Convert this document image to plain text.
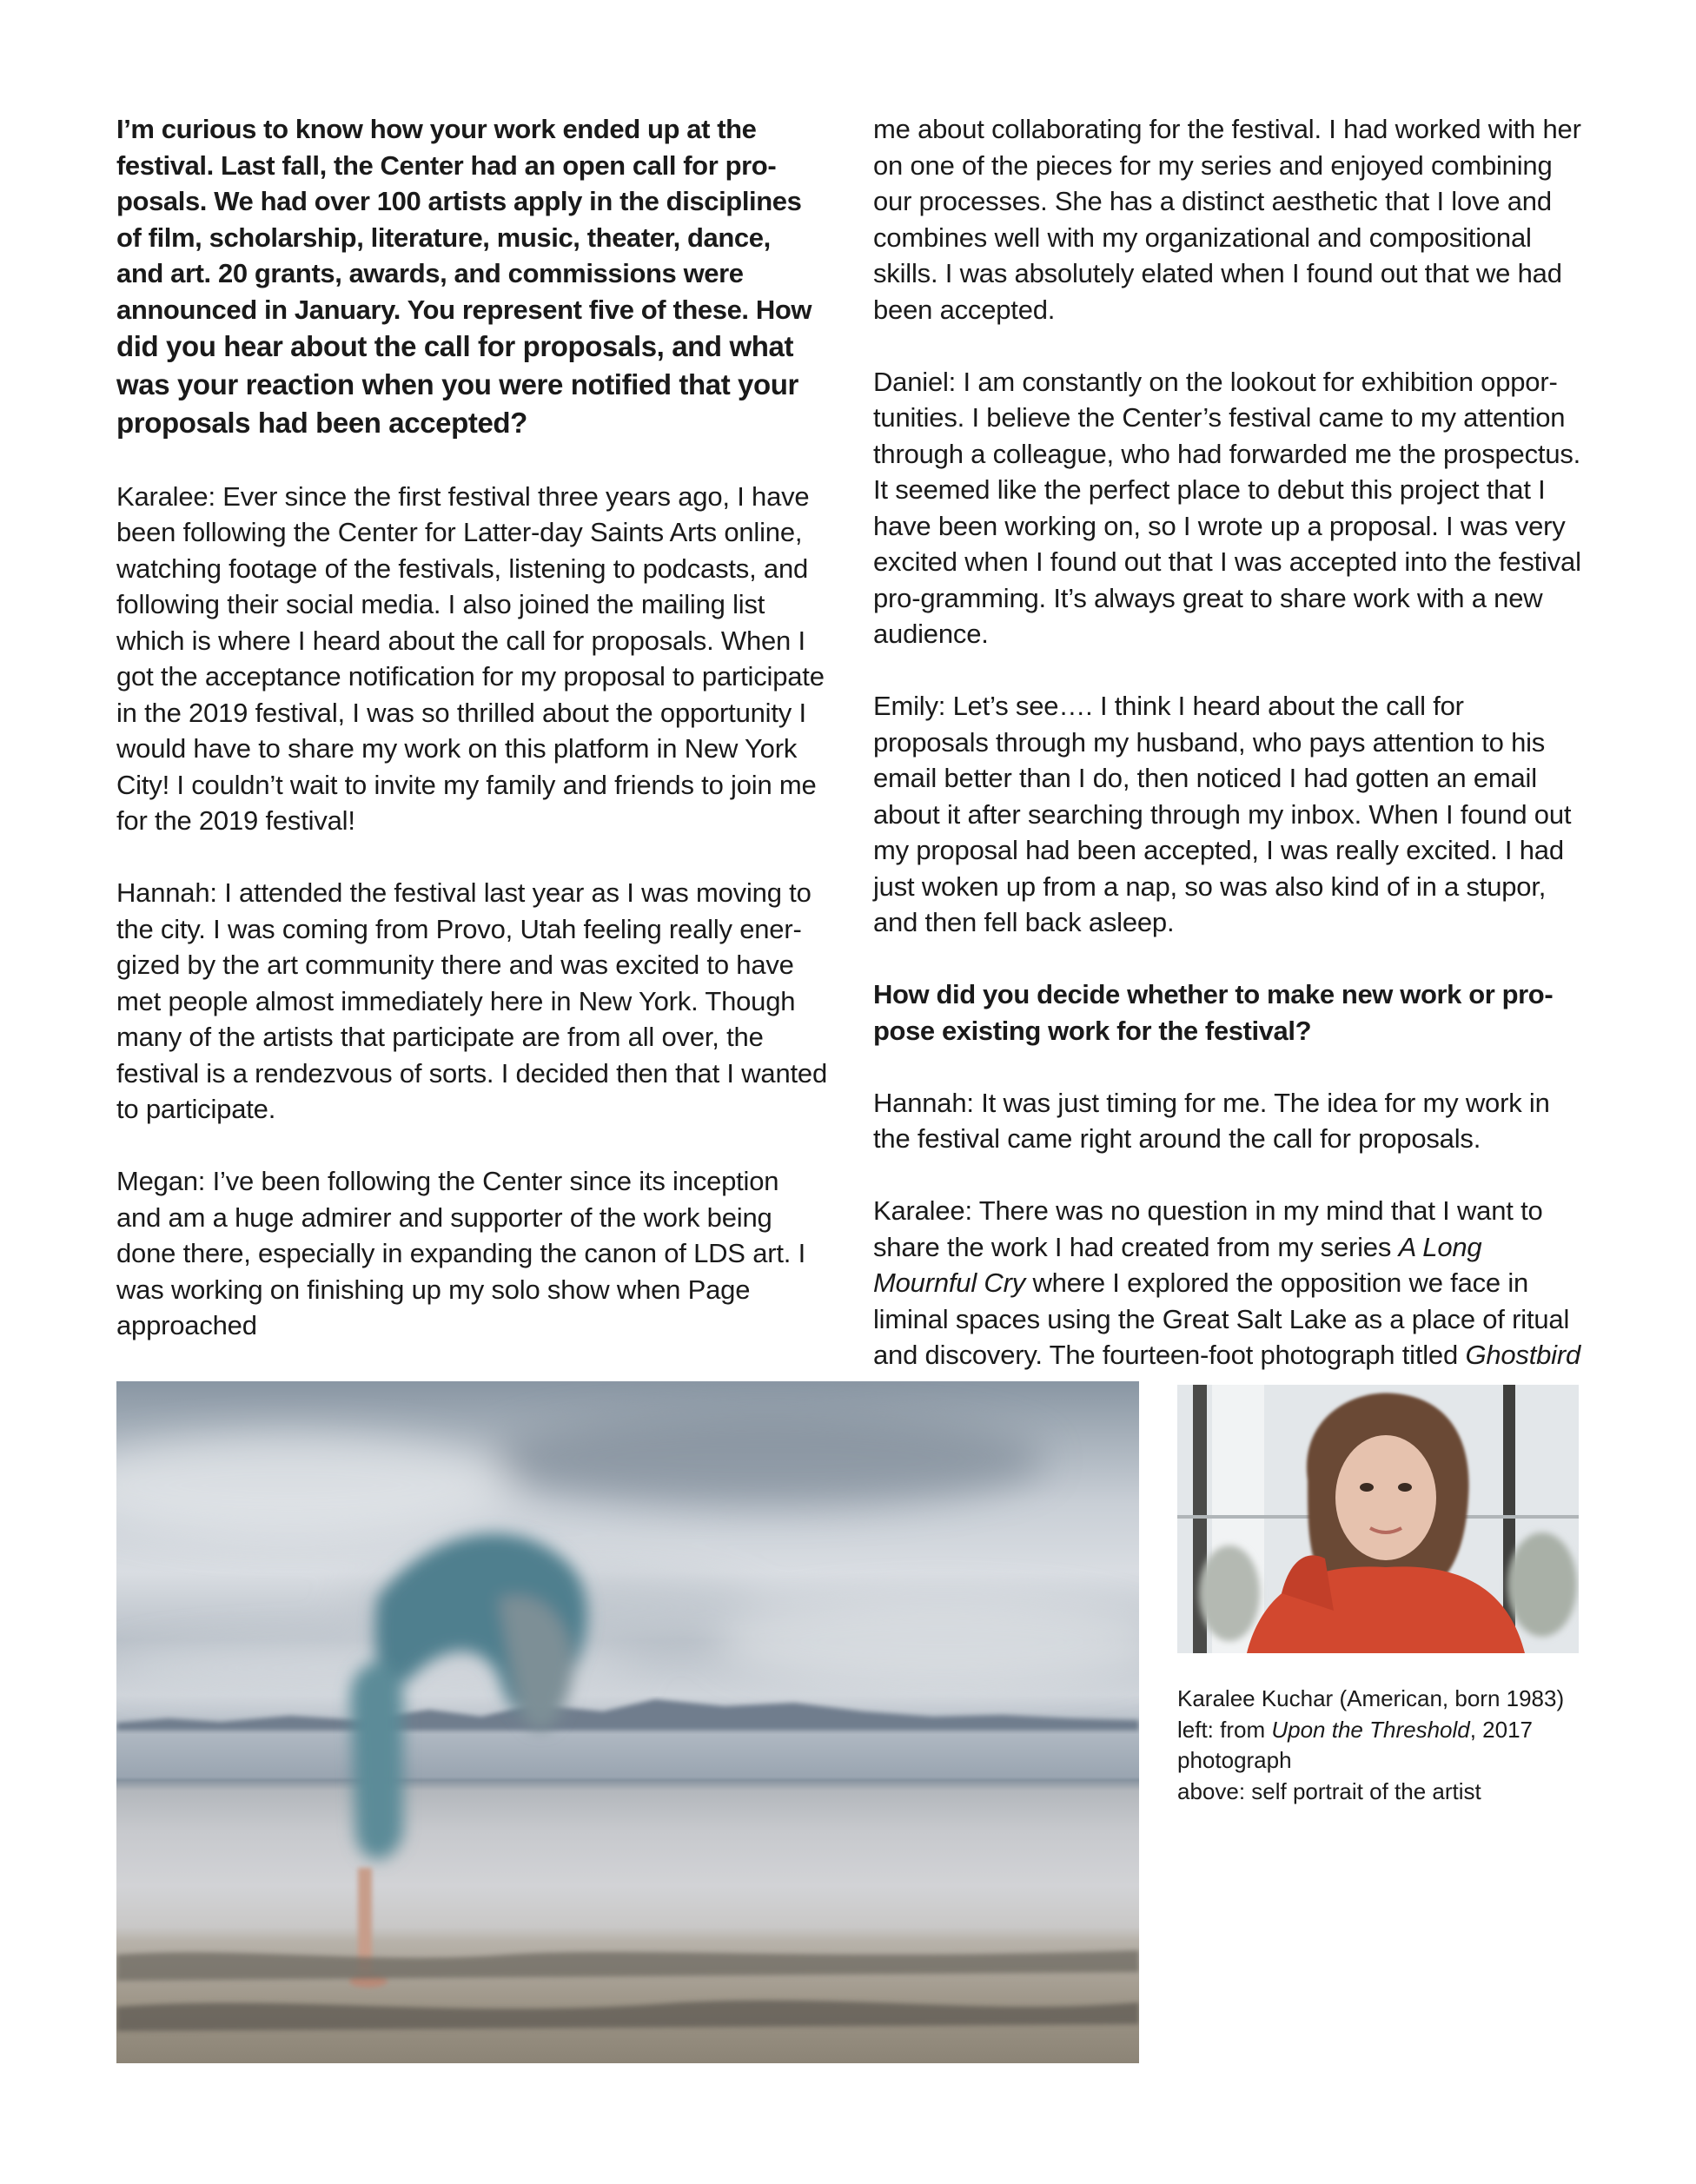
I’m curious to know how your work ended up at the
festival. Last fall, the Center had an open call for pro-
posals. We had over 100 artists apply in the disciplines
of film, scholarship, literature, music, theater, dance,
and art. 20 grants, awards, and commissions were
announced in January. You represent five of these. How
did you hear about the call for proposals, and what
was your reaction when you were notified that your
proposals had been accepted?

Karalee: Ever since the first festival three years ago, I have been following the Center for Latter-day Saints Arts online, watching footage of the festivals, listening to podcasts, and following their social media. I also joined the mailing list which is where I heard about the call for proposals. When I got the acceptance notification for my proposal to participate in the 2019 festival, I was so thrilled about the opportunity I would have to share my work on this platform in New York City! I couldn’t wait to invite my family and friends to join me for the 2019 festival!

Hannah: I attended the festival last year as I was moving to the city. I was coming from Provo, Utah feeling really ener-gized by the art community there and was excited to have met people almost immediately here in New York. Though many of the artists that participate are from all over, the festival is a rendezvous of sorts. I decided then that I wanted to participate.

Megan: I’ve been following the Center since its inception and am a huge admirer and supporter of the work being done there, especially in expanding the canon of LDS art. I was working on finishing up my solo show when Page approached

me about collaborating for the festival. I had worked with her on one of the pieces for my series and enjoyed combining our processes. She has a distinct aesthetic that I love and combines well with my organizational and compositional skills. I was absolutely elated when I found out that we had been accepted.

Daniel: I am constantly on the lookout for exhibition oppor-tunities. I believe the Center’s festival came to my attention through a colleague, who had forwarded me the prospectus. It seemed like the perfect place to debut this project that I have been working on, so I wrote up a proposal. I was very excited when I found out that I was accepted into the festival pro-gramming. It’s always great to share work with a new audience.

Emily: Let’s see…. I think I heard about the call for proposals through my husband, who pays attention to his email better than I do, then noticed I had gotten an email about it after searching through my inbox. When I found out my proposal had been accepted, I was really excited. I had just woken up from a nap, so was also kind of in a stupor, and then fell back asleep.

How did you decide whether to make new work or pro-pose existing work for the festival?

Hannah: It was just timing for me. The idea for my work in the festival came right around the call for proposals.

Karalee: There was no question in my mind that I want to share the work I had created from my series A Long Mournful Cry where I explored the opposition we face in liminal spaces using the Great Salt Lake as a place of ritual and discovery. The fourteen-foot photograph titled Ghostbird

Karalee Kuchar (American, born 1983)
left: from Upon the Threshold, 2017
photograph
above: self portrait of the artist
